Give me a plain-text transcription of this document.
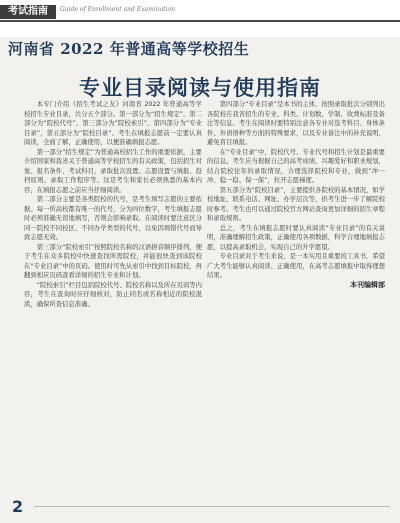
考试指南	Guide of Enrollment and Examination
河南省 2022 年普通高等学校招生
专业目录阅读与使用指南

本专门介绍《招生考试之友》河南省 2022 年普通高等学校招生专业目录，共分五个部分。第一部分为“招生规定”，第二部分为“院校代号”，第三部分为“院校索引”，第四部分为“专业目录”，第五部分为“院校目录”。考生在填报志愿前一定要认真阅读，全面了解，正确使用，以便准确填报志愿。

第一部分“招生规定”为普通高校招生工作的重要依据，主要介绍国家和我省关于普通高等学校招生的有关政策，包括招生对象、报名条件、考试科目、录取批次设置、志愿设置与填报、投档原则、录取工作程序等。这是考生和家长必须熟悉的基本内容，在填报志愿之前应当仔细阅读。

第二部分主要是各类院校的代号，是考生填写志愿的主要依据。每一所高校都有唯一的代号，分为四位数字，考生填报志愿时必须准确无误地填写，否则会影响录取。在阅读时要注意区分同一院校不同校区、不同办学类型的代号，以免因填错代号而导致志愿无效。

第三部分“院校索引”按照院校名称的汉语拼音顺序排列，便于考生在众多院校中快速查找所需院校，并能很快查到该院校在“专业目录”中的页码。使用时可先从索引中找到目标院校，再翻到相应页码查看详细的招生专业和计划。

“院校索引”栏目包括院校代号、院校名称以及所在页码等内容，考生在查询时应仔细核对，防止同名或名称相近的院校混淆，确保所查信息准确。

第四部分“专业目录”是本书的主体，按照录取批次分别列出各院校在我省招生的专业、科类、计划数、学制、收费标准及备注等信息。考生在阅读时要特别注意各专业对选考科目、身体条件、外语语种等方面的特殊要求，以及专业备注中的补充说明，避免盲目填报。

在“专业目录”中，院校代号、专业代号和招生计划是最重要的信息。考生应当根据自己的高考成绩、兴趣爱好和职业规划，结合院校往年的录取情况，合理选择院校和专业，做到“冲一冲、稳一稳、保一保”，拉开志愿梯度。

第五部分为“院校目录”，主要提供各院校的基本情况，如学校地址、联系电话、网址、办学层次等，供考生进一步了解院校时参考。考生也可以通过院校官方网站查询更加详细的招生章程和录取规则。

总之，考生在填报志愿时要认真阅读“专业目录”的有关说明，准确理解招生政策，正确使用各项数据，科学合理地填报志愿，以提高录取机会，实现自己的升学愿望。

专业目录对于考生来说，是一本实用且重要的工具书，希望广大考生能够认真阅读、正确使用，在高考志愿填报中取得理想结果。

本刊编辑部

2
